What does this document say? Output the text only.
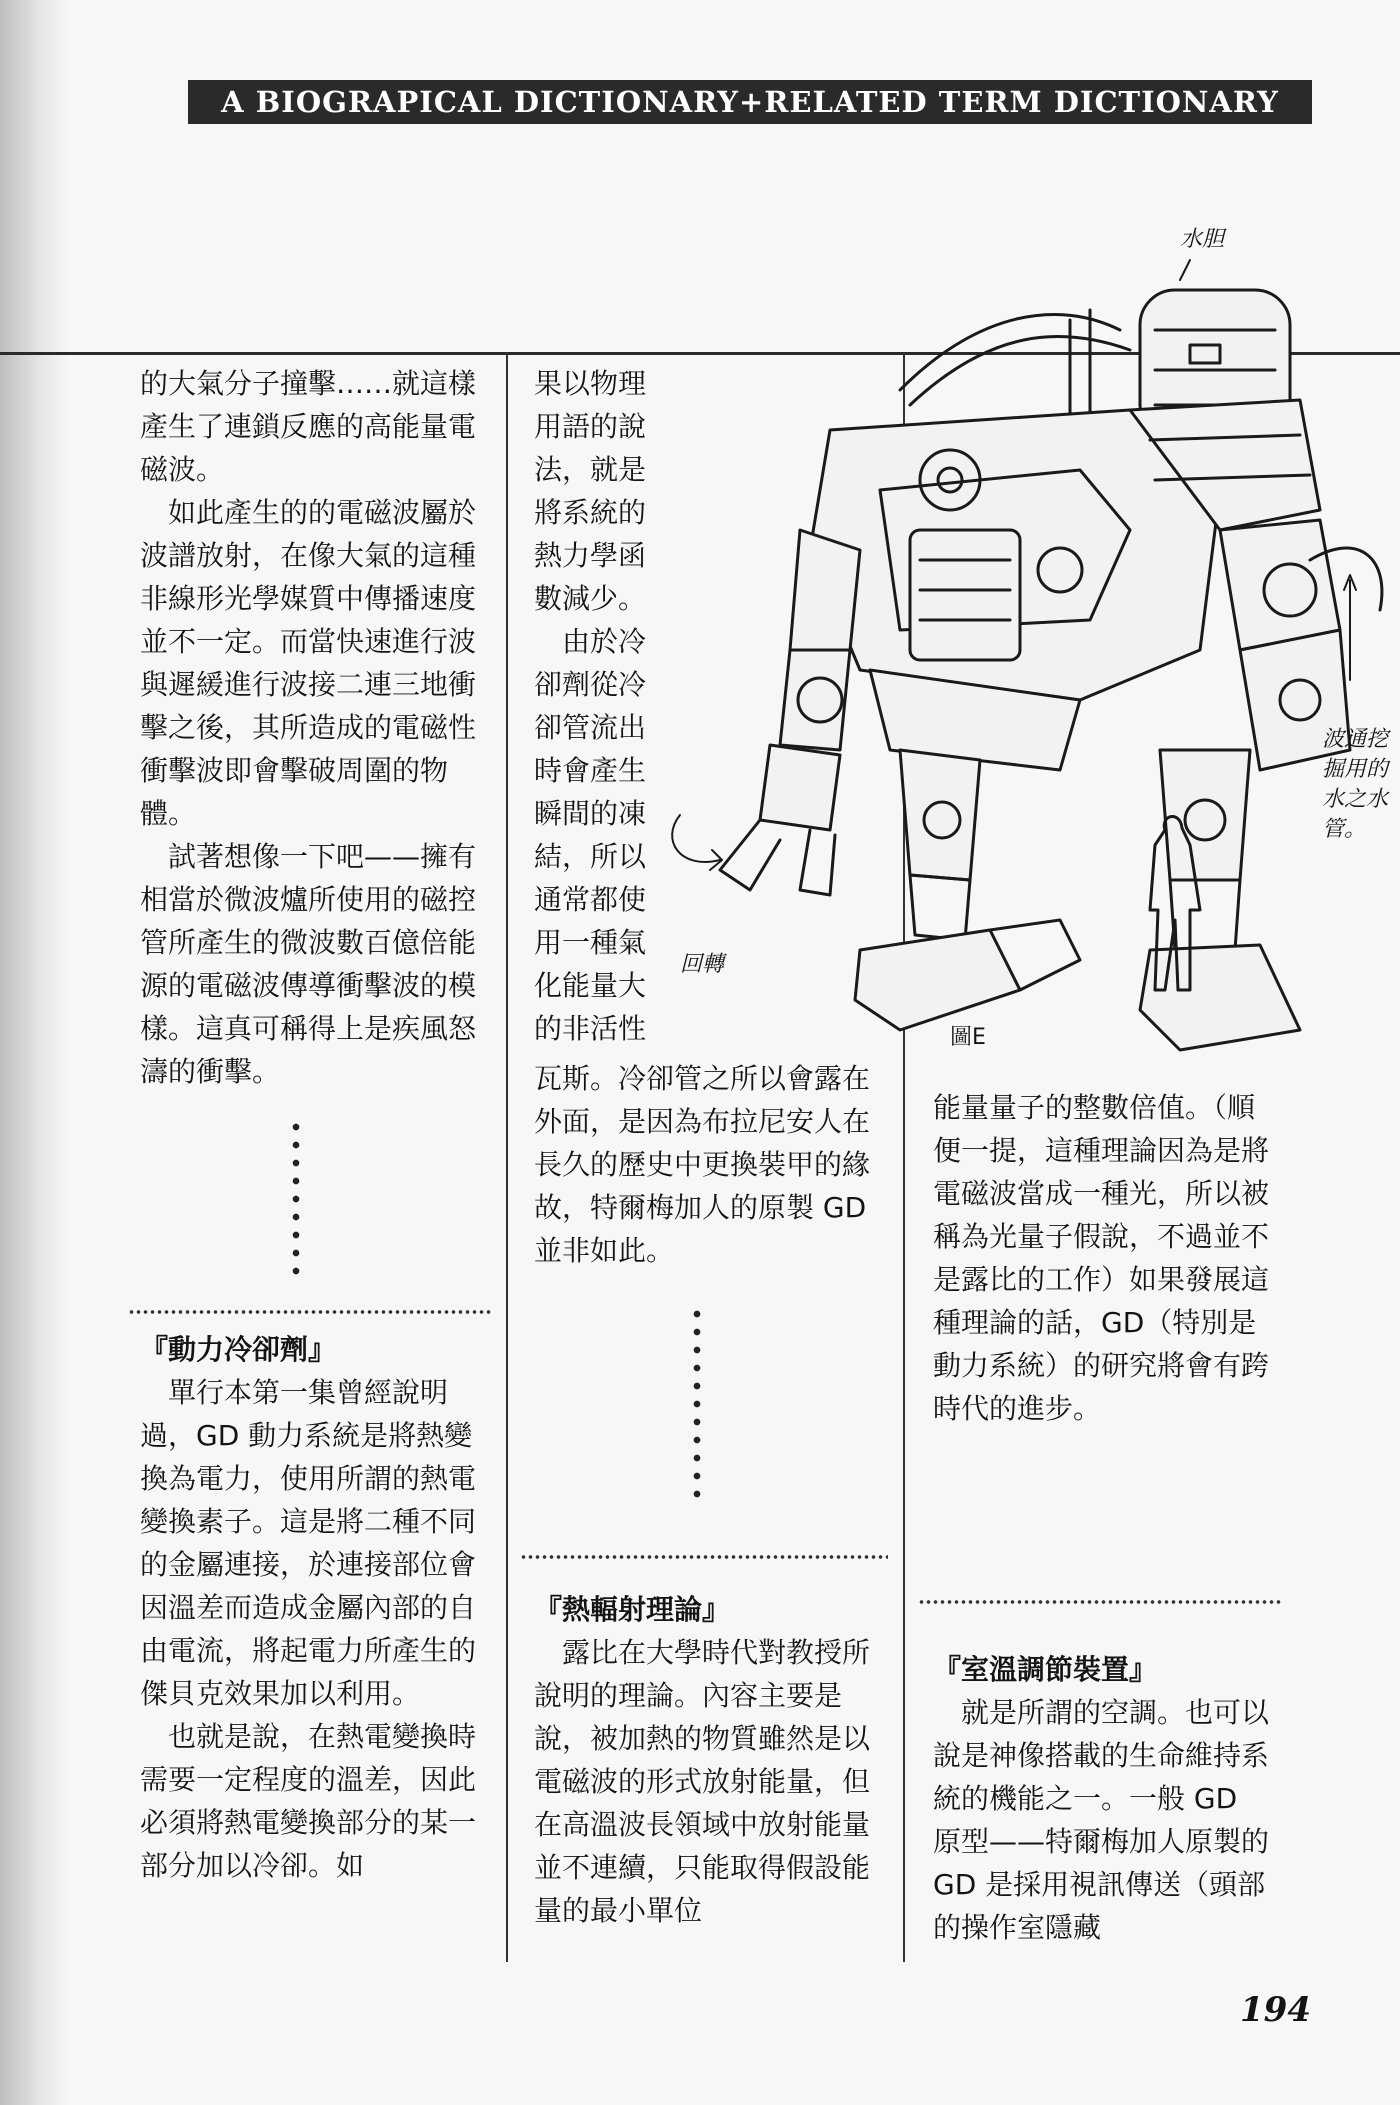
A BIOGRAPICAL DICTIONARY+RELATED TERM DICTIONARY

的大氣分子撞擊……就這樣產生了連鎖反應的高能量電磁波。

如此產生的的電磁波屬於波譜放射，在像大氣的這種非線形光學媒質中傳播速度並不一定。而當快速進行波與遲緩進行波接二連三地衝擊之後，其所造成的電磁性衝擊波即會擊破周圍的物體。

試著想像一下吧——擁有相當於微波爐所使用的磁控管所產生的微波數百億倍能源的電磁波傳導衝擊波的模樣。這真可稱得上是疾風怒濤的衝擊。

『動力冷卻劑』

單行本第一集曾經說明過，GD 動力系統是將熱變換為電力，使用所謂的熱電變換素子。這是將二種不同的金屬連接，於連接部位會因溫差而造成金屬內部的自由電流，將起電力所產生的傑貝克效果加以利用。

也就是說，在熱電變換時需要一定程度的溫差，因此必須將熱電變換部分的某一部分加以冷卻。如

果以物理用語的說法，就是將系統的熱力學函數減少。

由於冷卻劑從冷卻管流出時會產生瞬間的凍結，所以通常都使用一種氣化能量大的非活性

瓦斯。冷卻管之所以會露在外面，是因為布拉尼安人在長久的歷史中更換裝甲的緣故，特爾梅加人的原製 GD 並非如此。

『熱輻射理論』

露比在大學時代對教授所說明的理論。內容主要是說，被加熱的物質雖然是以電磁波的形式放射能量，但在高溫波長領域中放射能量並不連續，只能取得假設能量的最小單位

能量量子的整數倍值。（順便一提，這種理論因為是將電磁波當成一種光，所以被稱為光量子假說，不過並不是露比的工作）如果發展這種理論的話，GD（特別是動力系統）的研究將會有跨時代的進步。

『室溫調節裝置』

就是所謂的空調。也可以說是神像搭載的生命維持系統的機能之一。一般 GD 原型——特爾梅加人原製的 GD 是採用視訊傳送（頭部的操作室隱藏

水胆
回轉
波通挖掘用的水之水管。
圖E
194
